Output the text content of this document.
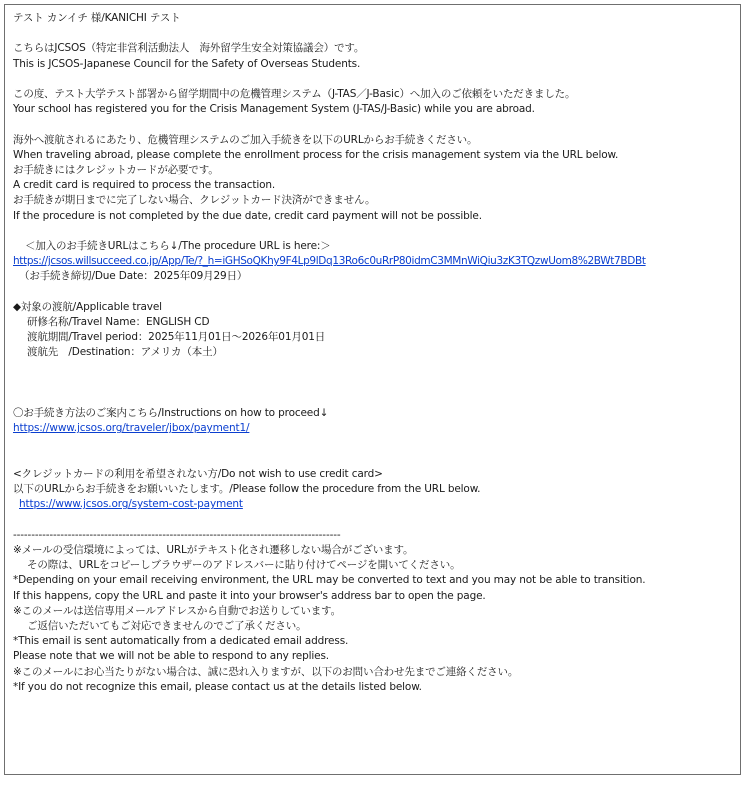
テスト カンイチ 様/KANICHI テスト
こちらはJCSOS（特定非営利活動法人　海外留学生安全対策協議会）です。
This is JCSOS-Japanese Council for the Safety of Overseas Students.
この度、テスト大学テスト部署から留学期間中の危機管理システム（J-TAS／J-Basic）へ加入のご依頼をいただきました。
Your school has registered you for the Crisis Management System (J-TAS/J-Basic) while you are abroad.
海外へ渡航されるにあたり、危機管理システムのご加入手続きを以下のURLからお手続きください。
When traveling abroad, please complete the enrollment process for the crisis management system via the URL below.
お手続きにはクレジットカードが必要です。
A credit card is required to process the transaction.
お手続きが期日までに完了しない場合、クレジットカード決済ができません。
If the procedure is not completed by the due date, credit card payment will not be possible.
＜加入のお手続きURLはこちら↓/The procedure URL is here:＞
https://jcsos.willsucceed.co.jp/App/Te/?_h=iGHSoQKhy9F4Lp9lDq13Ro6c0uRrP80idmC3MMnWiQiu3zK3TQzwUom8%2BWt7BDBt
（お手続き締切/Due Date：2025年09月29日）
◆対象の渡航/Applicable travel
研修名称/Travel Name：ENGLISH CD
渡航期間/Travel period：2025年11月01日～2026年01月01日
渡航先　/Destination：アメリカ（本土）
〇お手続き方法のご案内こちら/Instructions on how to proceed↓
https://www.jcsos.org/traveler/jbox/payment1/
<クレジットカードの利用を希望されない方/Do not wish to use credit card>
以下のURLからお手続きをお願いいたします。/Please follow the procedure from the URL below.
https://www.jcsos.org/system-cost-payment
------------------------------------------------------------------------------------------
※メールの受信環境によっては、URLがテキスト化され遷移しない場合がございます。
その際は、URLをコピーしブラウザーのアドレスバーに貼り付けてページを開いてください。
*Depending on your email receiving environment, the URL may be converted to text and you may not be able to transition.
If this happens, copy the URL and paste it into your browser's address bar to open the page.
※このメールは送信専用メールアドレスから自動でお送りしています。
ご返信いただいてもご対応できませんのでご了承ください。
*This email is sent automatically from a dedicated email address.
Please note that we will not be able to respond to any replies.
※このメールにお心当たりがない場合は、誠に恐れ入りますが、以下のお問い合わせ先までご連絡ください。
*If you do not recognize this email, please contact us at the details listed below.
